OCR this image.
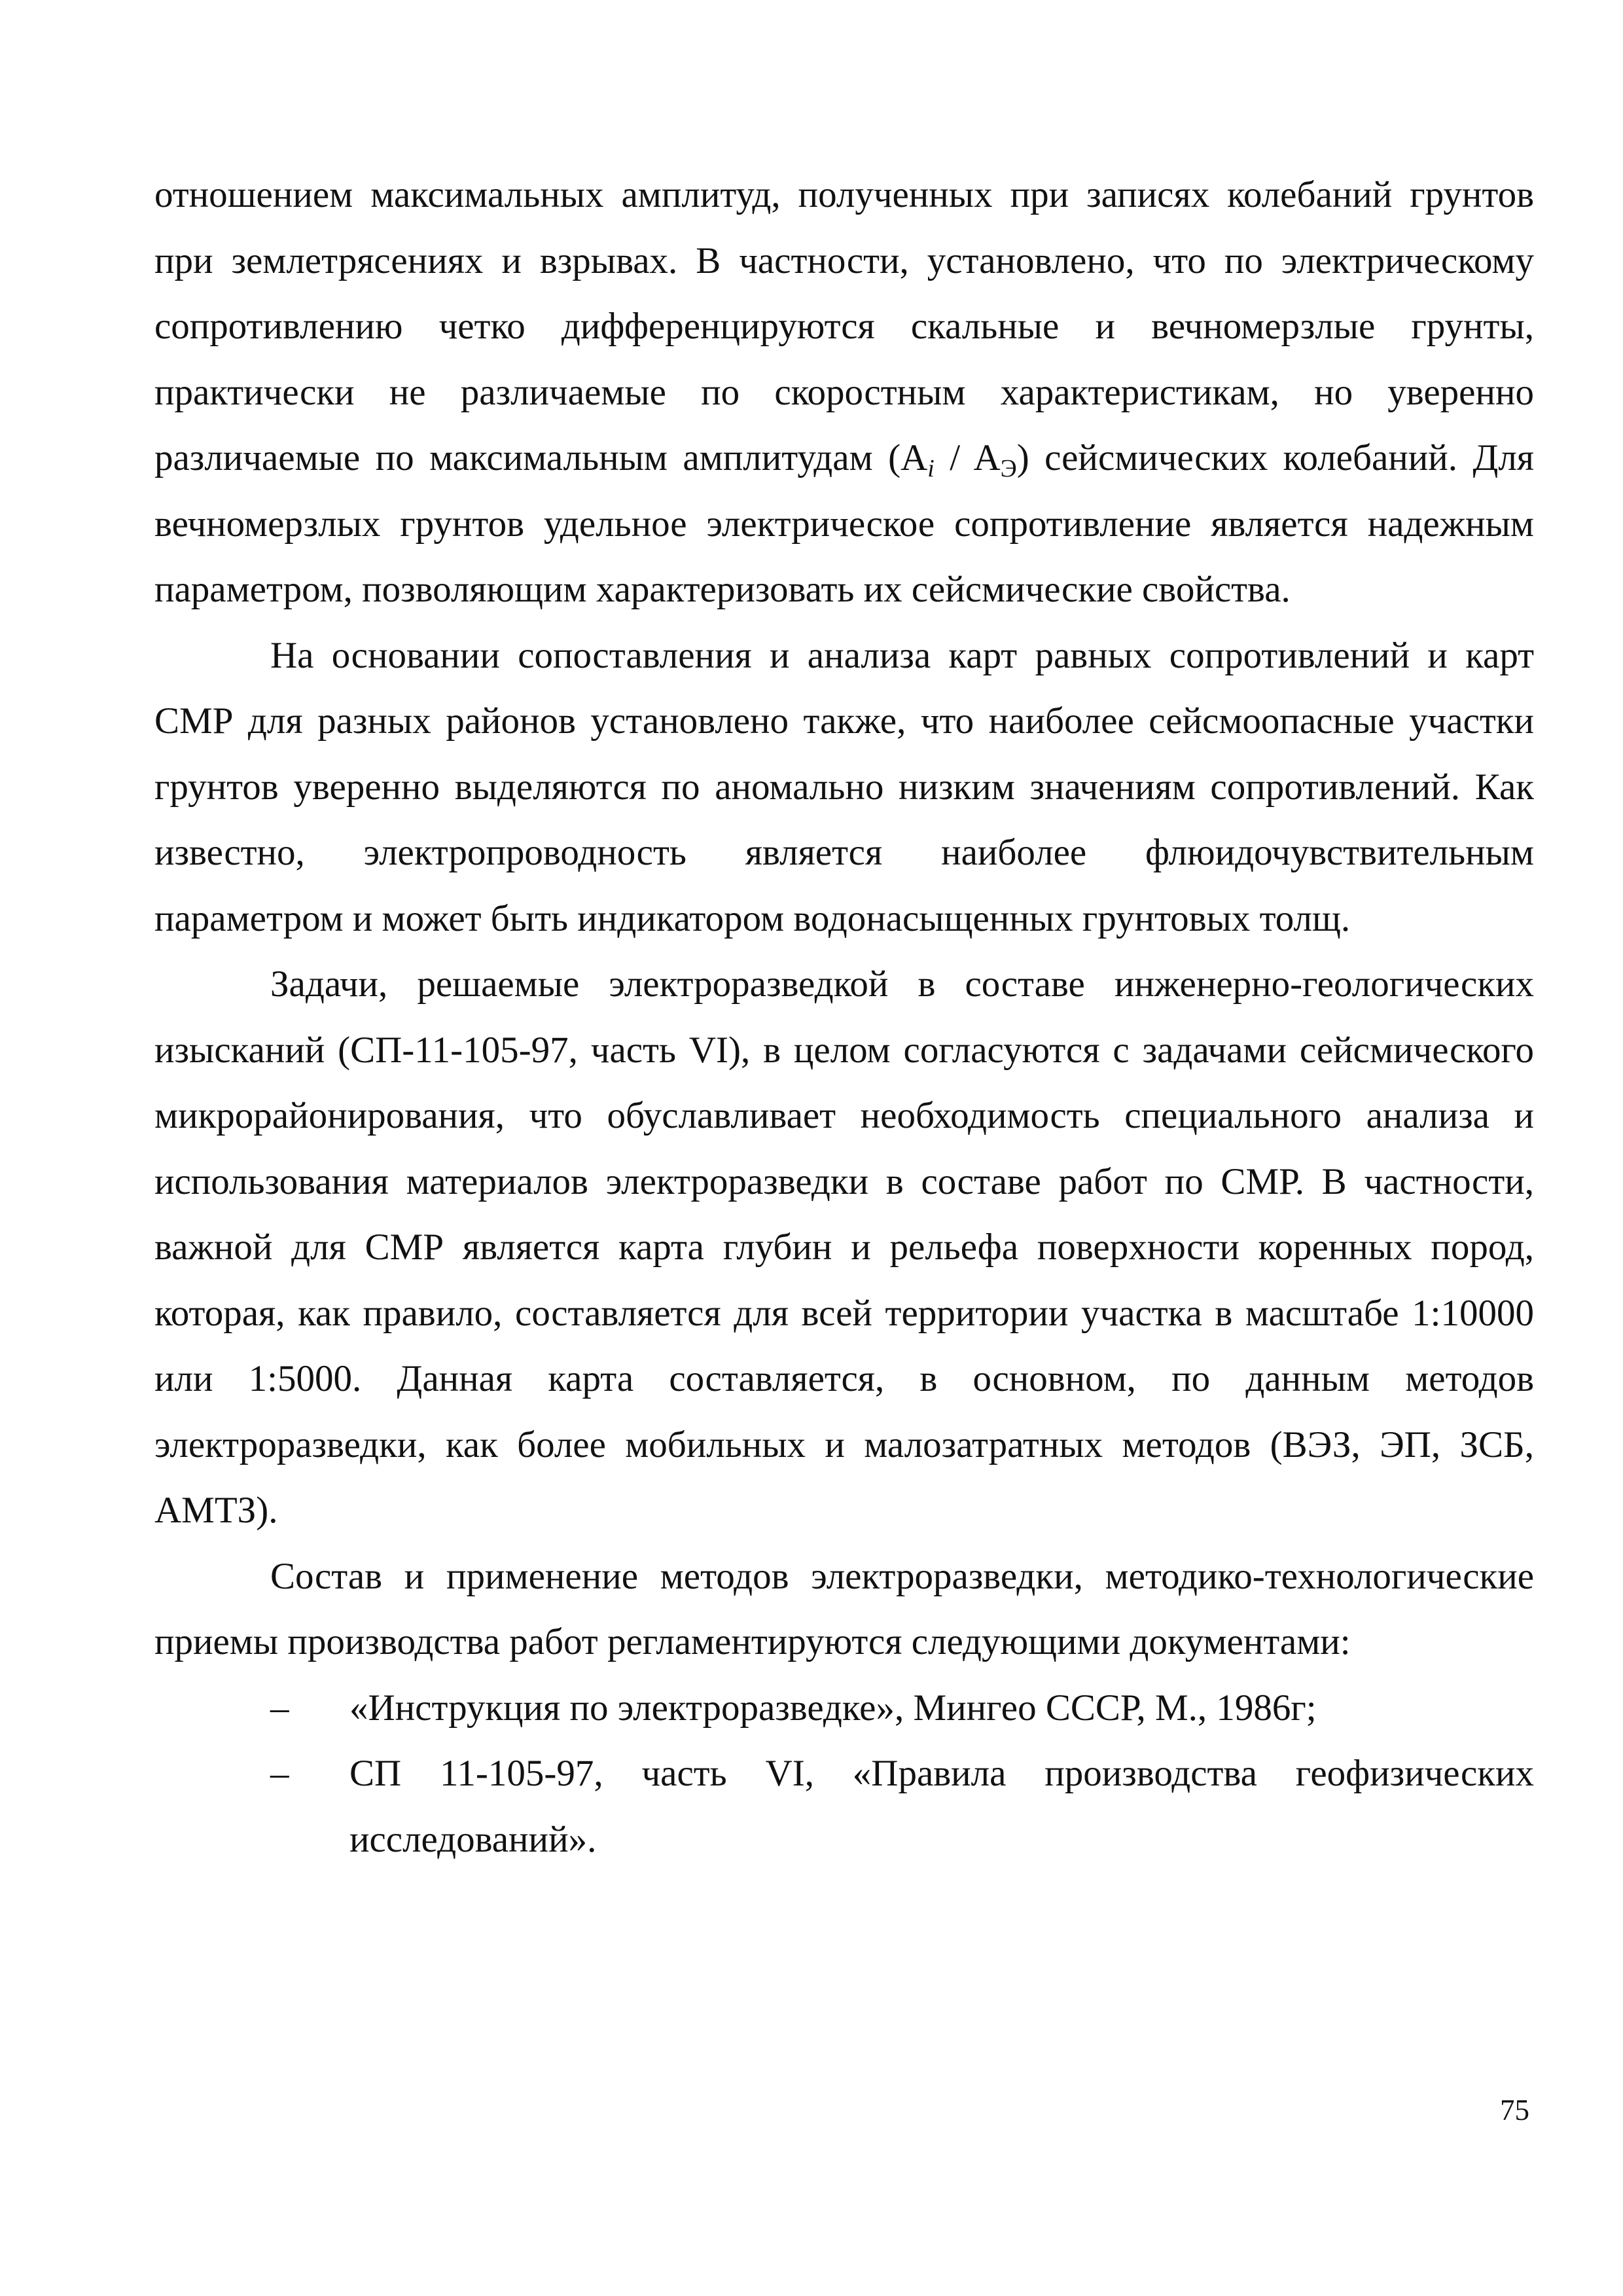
отношением максимальных амплитуд, полученных при записях колебаний грунтов при землетрясениях и взрывах. В частности, установлено, что по электрическому сопротивлению четко дифференцируются скальные и вечномерзлые грунты, практически не различаемые по скоростным характеристикам, но уверенно различаемые по максимальным амплитудам $(A_i / A_Э)$ сейсмических колебаний. Для вечномерзлых грунтов удельное электрическое сопротивление является надежным параметром, позволяющим характеризовать их сейсмические свойства.

На основании сопоставления и анализа карт равных сопротивлений и карт СМР для разных районов установлено также, что наиболее сейсмоопасные участки грунтов уверенно выделяются по аномально низким значениям сопротивлений. Как известно, электропроводность является наиболее флюидочувствительным параметром и может быть индикатором водонасыщенных грунтовых толщ.

Задачи, решаемые электроразведкой в составе инженерно-геологических изысканий (СП-11-105-97, часть VI), в целом согласуются с задачами сейсмического микрорайонирования, что обуславливает необходимость специального анализа и использования материалов электроразведки в составе работ по СМР. В частности, важной для СМР является карта глубин и рельефа поверхности коренных пород, которая, как правило, составляется для всей территории участка в масштабе 1:10000 или 1:5000. Данная карта составляется, в основном, по данным методов электроразведки, как более мобильных и малозатратных методов (ВЭЗ, ЭП, ЗСБ, АМТЗ).

Состав и применение методов электроразведки, методико-технологические приемы производства работ регламентируются следующими документами:

– «Инструкция по электроразведке», Мингео СССР, М., 1986г;
– СП 11-105-97, часть VI, «Правила производства геофизических исследований».
75
